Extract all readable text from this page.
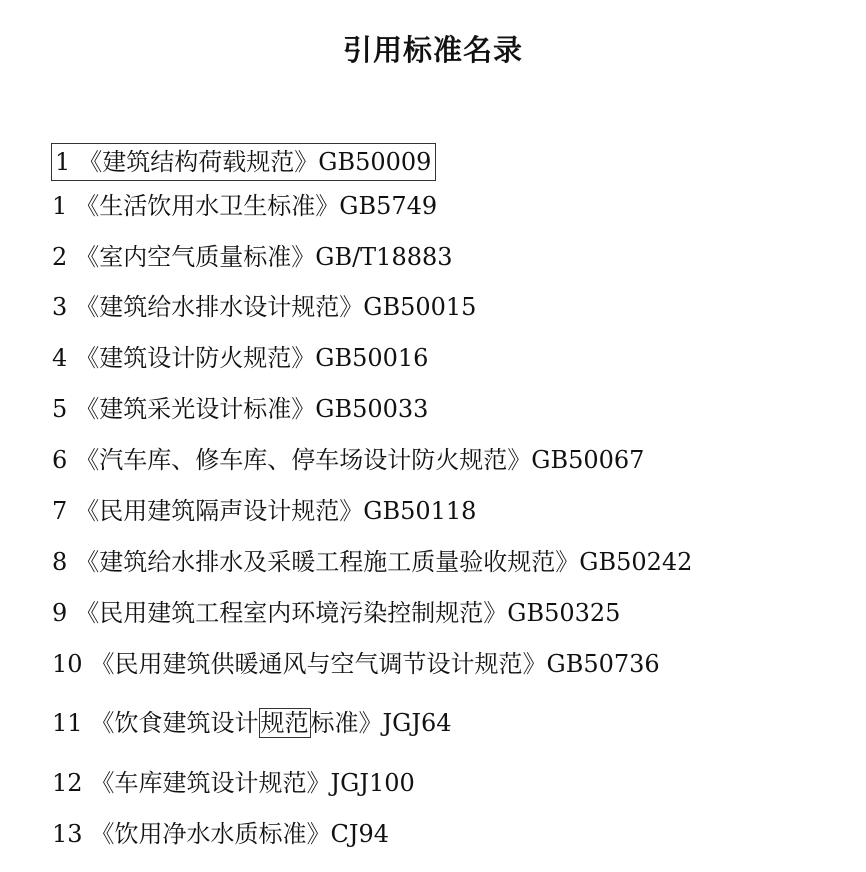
引用标准名录
1 《建筑结构荷载规范》GB50009
1 《生活饮用水卫生标准》GB5749
2 《室内空气质量标准》GB/T18883
3 《建筑给水排水设计规范》GB50015
4 《建筑设计防火规范》GB50016
5 《建筑采光设计标准》GB50033
6 《汽车库、修车库、停车场设计防火规范》GB50067
7 《民用建筑隔声设计规范》GB50118
8 《建筑给水排水及采暖工程施工质量验收规范》GB50242
9 《民用建筑工程室内环境污染控制规范》GB50325
10 《民用建筑供暖通风与空气调节设计规范》GB50736
11 《饮食建筑设计规范标准》JGJ64
12 《车库建筑设计规范》JGJ100
13 《饮用净水水质标准》CJ94
